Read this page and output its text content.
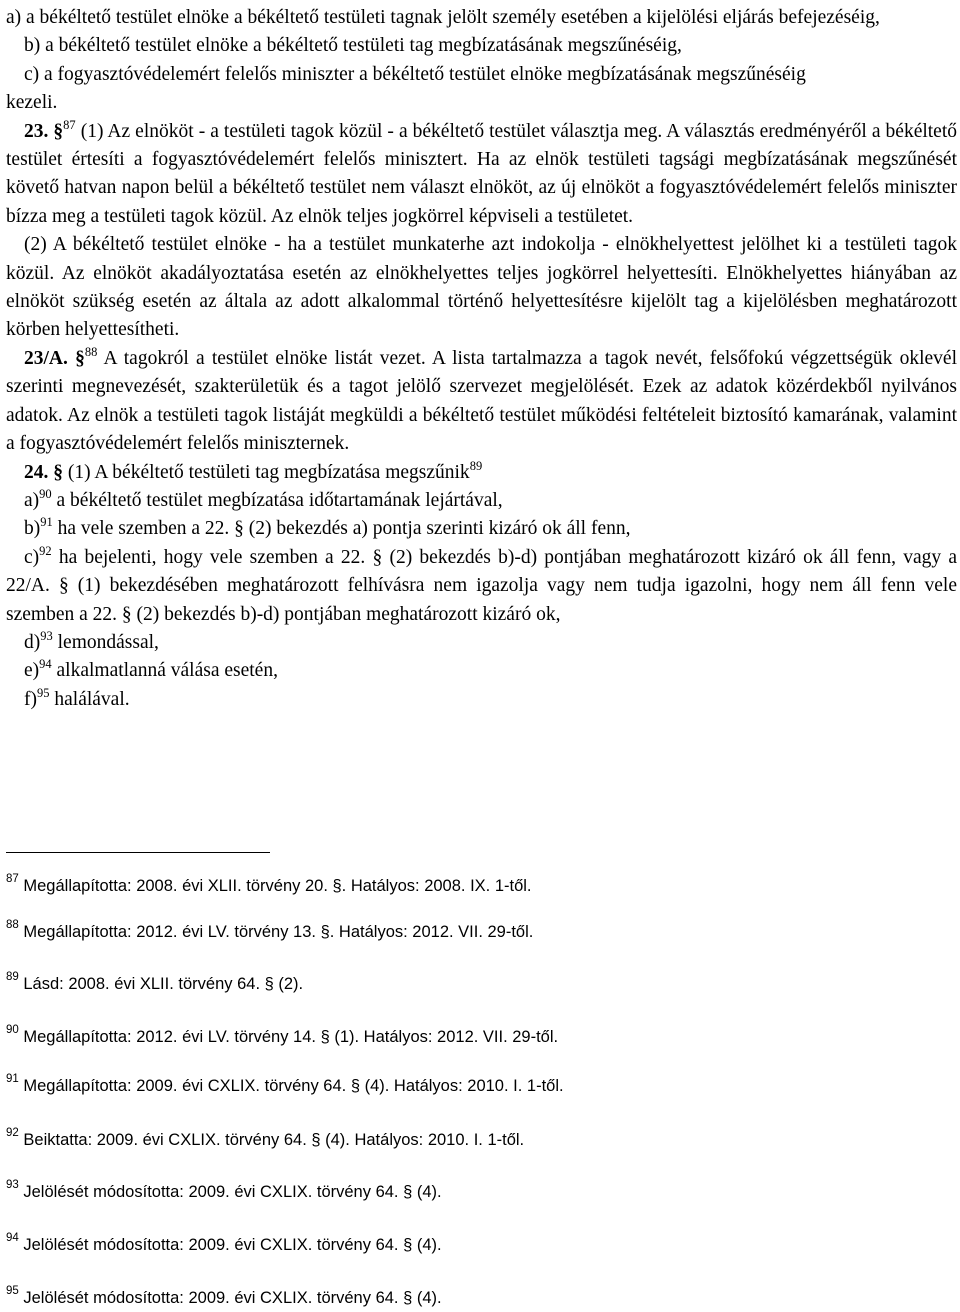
a) a békéltető testület elnöke a békéltető testületi tagnak jelölt személy esetében a kijelölési eljárás befejezéséig,

b) a békéltető testület elnöke a békéltető testületi tag megbízatásának megszűnéséig,

c) a fogyasztóvédelemért felelős miniszter a békéltető testület elnöke megbízatásának megszűnéséig

kezeli.

23. §$^{87}$ (1) Az elnököt - a testületi tagok közül - a békéltető testület választja meg. A választás eredményéről a békéltető testület értesíti a fogyasztóvédelemért felelős minisztert. Ha az elnök testületi tagsági megbízatásának megszűnését követő hatvan napon belül a békéltető testület nem választ elnököt, az új elnököt a fogyasztóvédelemért felelős miniszter bízza meg a testületi tagok közül. Az elnök teljes jogkörrel képviseli a testületet.

(2) A békéltető testület elnöke - ha a testület munkaterhe azt indokolja - elnökhelyettest jelölhet ki a testületi tagok közül. Az elnököt akadályoztatása esetén az elnökhelyettes teljes jogkörrel helyettesíti. Elnökhelyettes hiányában az elnököt szükség esetén az általa az adott alkalommal történő helyettesítésre kijelölt tag a kijelölésben meghatározott körben helyettesítheti.

23/A. §$^{88}$ A tagokról a testület elnöke listát vezet. A lista tartalmazza a tagok nevét, felsőfokú végzettségük oklevél szerinti megnevezését, szakterületük és a tagot jelölő szervezet megjelölését. Ezek az adatok közérdekből nyilvános adatok. Az elnök a testületi tagok listáját megküldi a békéltető testület működési feltételeit biztosító kamarának, valamint a fogyasztóvédelemért felelős miniszternek.

24. § (1) A békéltető testületi tag megbízatása megszűnik$^{89}$

a)$^{90}$ a békéltető testület megbízatása időtartamának lejártával,

b)$^{91}$ ha vele szemben a 22. § (2) bekezdés a) pontja szerinti kizáró ok áll fenn,

c)$^{92}$ ha bejelenti, hogy vele szemben a 22. § (2) bekezdés b)-d) pontjában meghatározott kizáró ok áll fenn, vagy a 22/A. § (1) bekezdésében meghatározott felhívásra nem igazolja vagy nem tudja igazolni, hogy nem áll fenn vele szemben a 22. § (2) bekezdés b)-d) pontjában meghatározott kizáró ok,

d)$^{93}$ lemondással,

e)$^{94}$ alkalmatlanná válása esetén,

f)$^{95}$ halálával.

$^{87}$ Megállapította: 2008. évi XLII. törvény 20. §. Hatályos: 2008. IX. 1-től.
$^{88}$ Megállapította: 2012. évi LV. törvény 13. §. Hatályos: 2012. VII. 29-től.
$^{89}$ Lásd: 2008. évi XLII. törvény 64. § (2).
$^{90}$ Megállapította: 2012. évi LV. törvény 14. § (1). Hatályos: 2012. VII. 29-től.
$^{91}$ Megállapította: 2009. évi CXLIX. törvény 64. § (4). Hatályos: 2010. I. 1-től.
$^{92}$ Beiktatta: 2009. évi CXLIX. törvény 64. § (4). Hatályos: 2010. I. 1-től.
$^{93}$ Jelölését módosította: 2009. évi CXLIX. törvény 64. § (4).
$^{94}$ Jelölését módosította: 2009. évi CXLIX. törvény 64. § (4).
$^{95}$ Jelölését módosította: 2009. évi CXLIX. törvény 64. § (4).
